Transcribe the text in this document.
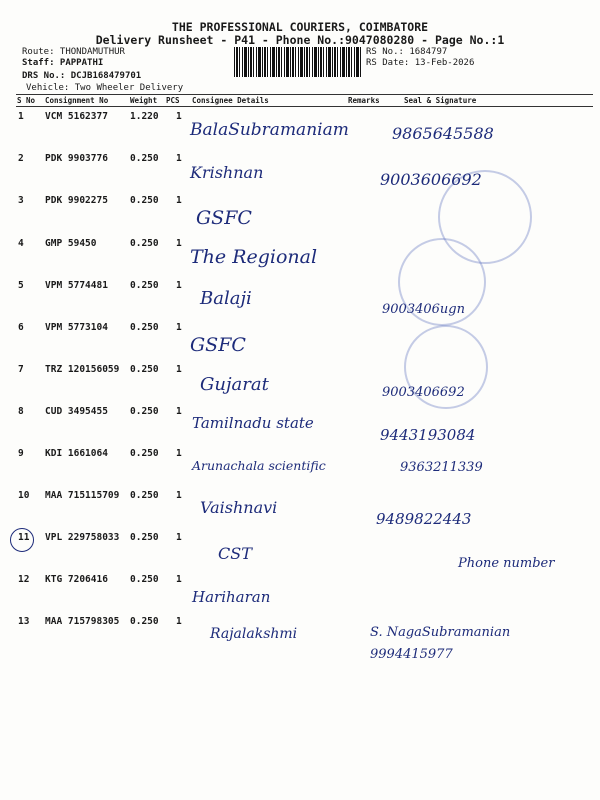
THE PROFESSIONAL COURIERS, COIMBATORE
Delivery Runsheet - P41 - Phone No.:9047080280 - Page No.:1
Route: THONDAMUTHUR
Staff: PAPPATHI
DRS No.: DCJB168479701
Vehicle: Two Wheeler Delivery
RS No.: 1684797
RS Date: 13-Feb-2026
S No Consignment No	Weight PCS Consignee Details	Remarks	Seal & Signature
1 VCM 5162377 1.220 1
BalaSubramaniam	9865645588
2 PDK 9903776 0.250 1
Krishnan	9003606692
3 PDK 9902275 0.250 1
GSFC
4 GMP 59450	0.250 1
The Regional
5 VPM 5774481 0.250 1
Balaji
9003406ugn
6 VPM 5773104 0.250 1
GSFC
7 TRZ 120156059 0.250 1
Gujarat	9003406692
8 CUD 3495455 0.250 1
Tamilnadu state
9443193084
9 KDI 1661064 0.250 1
Arunachala scientific	9363211339
10 MAA 715115709 0.250 1
Vaishnavi
9489822443
11 VPL 229758033 0.250 1
CST
Phone number
12 KTG 7206416 0.250 1
Hariharan
13 MAA 715798305 0.250 1
Rajalakshmi	S. NagaSubramanian 9994415977
